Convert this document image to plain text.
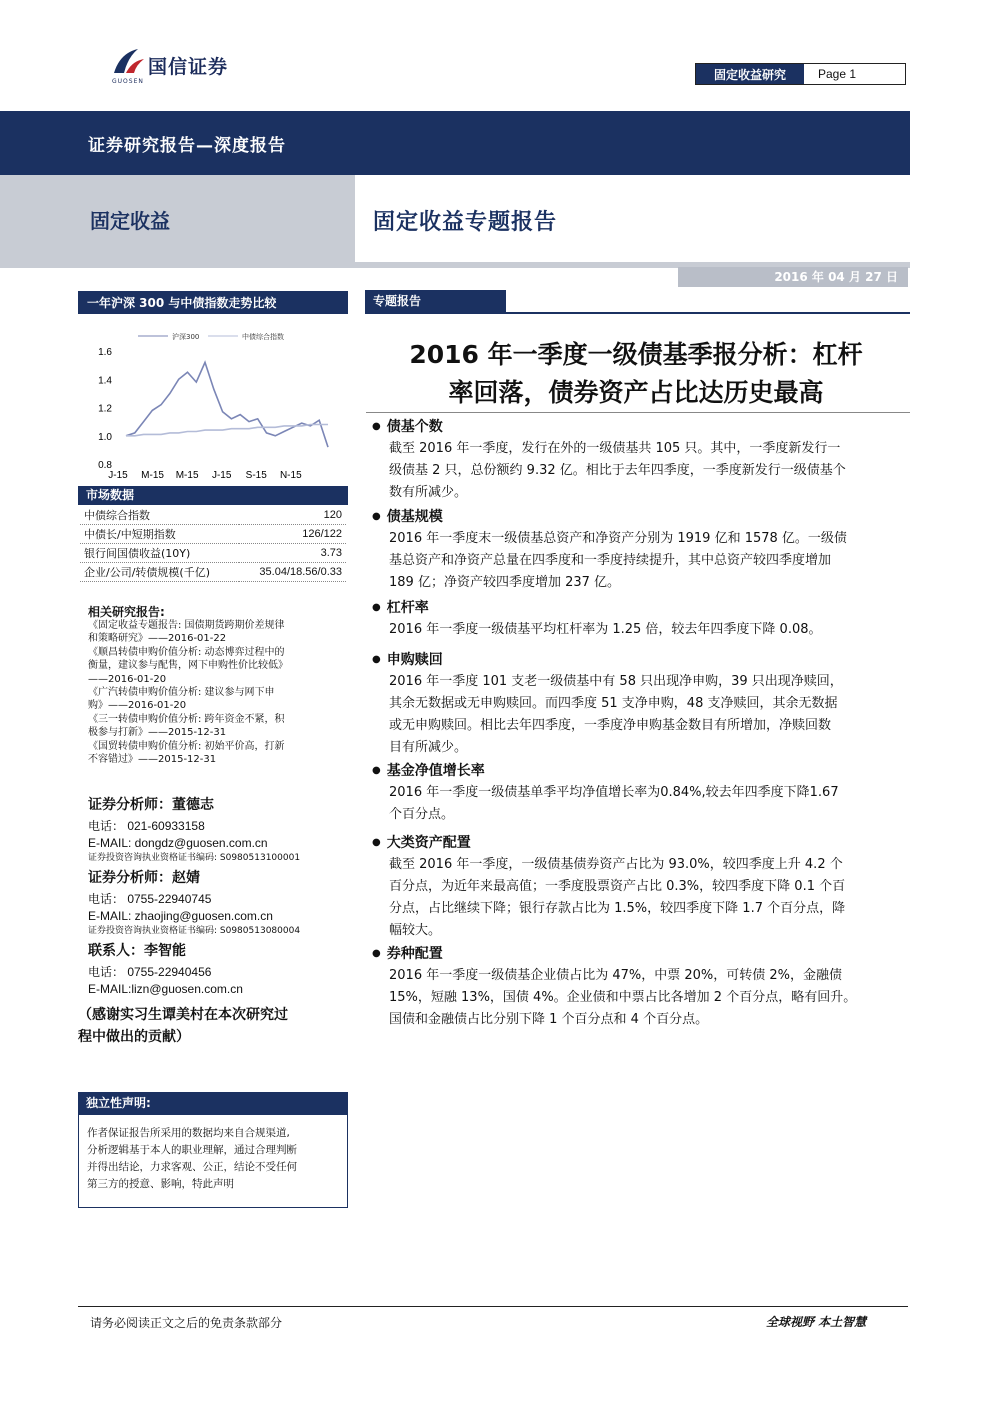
国信证券
GUOSEN	固定收益研究	Page 1
证券研究报告—深度报告
固定收益	固定收益专题报告
2016 年 04 月 27 日
一年沪深 300 与中债指数走势比较
0.8
1.0
1.2
1.4
1.6
J-15 M-15 M-15 J-15 S-15 N-15
沪深300	中债综合指数
市场数据
中债综合指数	120
中债长/中短期指数	126/122
银行间国债收益(10Y)	3.73
企业/公司/转债规模(千亿)	35.04/18.56/0.33
相关研究报告:
《固定收益专题报告: 国债期货跨期价差规律
和策略研究》——2016-01-22
《顺昌转债申购价值分析: 动态博弈过程中的
衡量，建议参与配售，网下申购性价比较低》
——2016-01-20
《广汽转债申购价值分析: 建议参与网下申
购》——2016-01-20
《三一转债申购价值分析: 跨年资金不紧，积
极参与打新》——2015-12-31
《国贸转债申购价值分析: 初始平价高，打新
不容错过》——2015-12-31
证券分析师：董德志
电话： 021-60933158
E-MAIL: dongdz@guosen.com.cn
证券投资咨询执业资格证书编码: S0980513100001
证券分析师：赵婧
电话： 0755-22940745
E-MAIL: zhaojing@guosen.com.cn
证券投资咨询执业资格证书编码: S0980513080004
联系人：李智能
电话： 0755-22940456
E-MAIL:lizn@guosen.com.cn
（感谢实习生谭美村在本次研究过
程中做出的贡献）
独立性声明:
作者保证报告所采用的数据均来自合规渠道,
分析逻辑基于本人的职业理解，通过合理判断
并得出结论，力求客观、公正，结论不受任何
第三方的授意、影响，特此声明
专题报告
2016 年一季度一级债基季报分析：杠杆
率回落，债券资产占比达历史最高
● 债基个数
截至 2016 年一季度，发行在外的一级债基共 105 只。其中，一季度新发行一
级债基 2 只，总份额约 9.32 亿。相比于去年四季度，一季度新发行一级债基个
数有所减少。
● 债基规模
2016 年一季度末一级债基总资产和净资产分别为 1919 亿和 1578 亿。一级债
基总资产和净资产总量在四季度和一季度持续提升，其中总资产较四季度增加
189 亿；净资产较四季度增加 237 亿。
● 杠杆率
2016 年一季度一级债基平均杠杆率为 1.25 倍，较去年四季度下降 0.08。
● 申购赎回
2016 年一季度 101 支老一级债基中有 58 只出现净申购，39 只出现净赎回，
其余无数据或无申购赎回。而四季度 51 支净申购，48 支净赎回，其余无数据
或无申购赎回。相比去年四季度，一季度净申购基金数目有所增加，净赎回数
目有所减少。
● 基金净值增长率
2016 年一季度一级债基单季平均净值增长率为0.84%,较去年四季度下降1.67
个百分点。
● 大类资产配置
截至 2016 年一季度，一级债基债券资产占比为 93.0%，较四季度上升 4.2 个
百分点，为近年来最高值；一季度股票资产占比 0.3%，较四季度下降 0.1 个百
分点，占比继续下降；银行存款占比为 1.5%，较四季度下降 1.7 个百分点，降
幅较大。
● 券种配置
2016 年一季度一级债基企业债占比为 47%，中票 20%，可转债 2%，金融债
15%，短融 13%，国债 4%。企业债和中票占比各增加 2 个百分点，略有回升。
国债和金融债占比分别下降 1 个百分点和 4 个百分点。
请务必阅读正文之后的免责条款部分	全球视野 本土智慧
